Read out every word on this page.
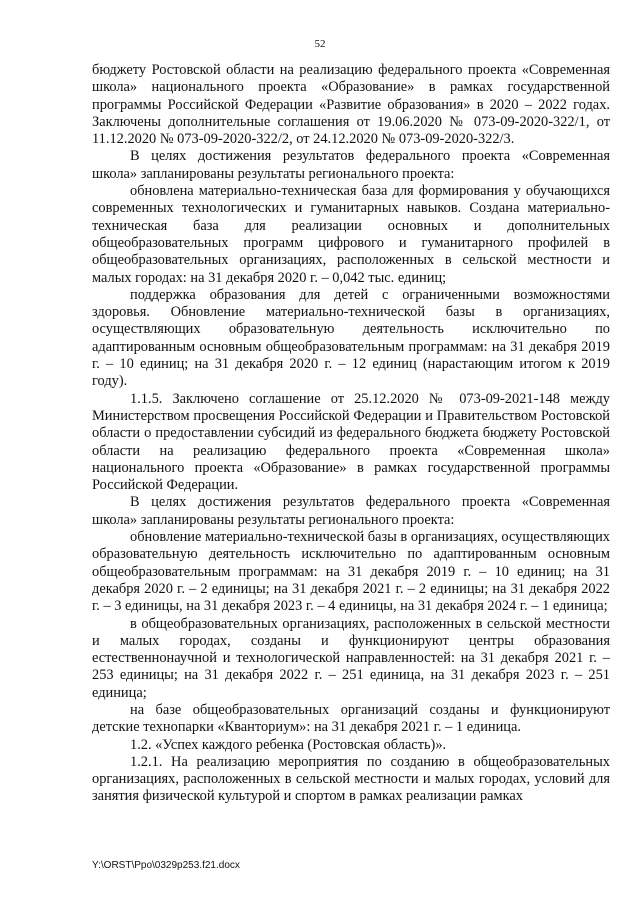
52

бюджету Ростовской области на реализацию федерального проекта «Современная школа» национального проекта «Образование» в рамках государственной программы Российской Федерации «Развитие образования» в 2020 – 2022 годах. Заключены дополнительные соглашения от 19.06.2020 № 073-09-2020-322/1, от 11.12.2020 № 073-09-2020-322/2, от 24.12.2020 № 073-09-2020-322/3.

В целях достижения результатов федерального проекта «Современная школа» запланированы результаты регионального проекта:

обновлена материально-техническая база для формирования у обучающихся современных технологических и гуманитарных навыков. Создана материально-техническая база для реализации основных и дополнительных общеобразовательных программ цифрового и гуманитарного профилей в общеобразовательных организациях, расположенных в сельской местности и малых городах: на 31 декабря 2020 г. – 0,042 тыс. единиц;

поддержка образования для детей с ограниченными возможностями здоровья. Обновление материально-технической базы в организациях, осуществляющих образовательную деятельность исключительно по адаптированным основным общеобразовательным программам: на 31 декабря 2019 г. – 10 единиц; на 31 декабря 2020 г. – 12 единиц (нарастающим итогом к 2019 году).

1.1.5. Заключено соглашение от 25.12.2020 № 073-09-2021-148 между Министерством просвещения Российской Федерации и Правительством Ростовской области о предоставлении субсидий из федерального бюджета бюджету Ростовской области на реализацию федерального проекта «Современная школа» национального проекта «Образование» в рамках государственной программы Российской Федерации.

В целях достижения результатов федерального проекта «Современная школа» запланированы результаты регионального проекта:

обновление материально-технической базы в организациях, осуществляющих образовательную деятельность исключительно по адаптированным основным общеобразовательным программам: на 31 декабря 2019 г. – 10 единиц; на 31 декабря 2020 г. – 2 единицы; на 31 декабря 2021 г. – 2 единицы; на 31 декабря 2022 г. – 3 единицы, на 31 декабря 2023 г. – 4 единицы, на 31 декабря 2024 г. – 1 единица;

в общеобразовательных организациях, расположенных в сельской местности и малых городах, созданы и функционируют центры образования естественнонаучной и технологической направленностей: на 31 декабря 2021 г. – 253 единицы; на 31 декабря 2022 г. – 251 единица, на 31 декабря 2023 г. – 251 единица;

на базе общеобразовательных организаций созданы и функционируют детские технопарки «Кванториум»: на 31 декабря 2021 г. – 1 единица.

1.2. «Успех каждого ребенка (Ростовская область)».

1.2.1. На реализацию мероприятия по созданию в общеобразовательных организациях, расположенных в сельской местности и малых городах, условий для занятия физической культурой и спортом в рамках реализации рамках

Y:\ORST\Ppo\0329p253.f21.docx
